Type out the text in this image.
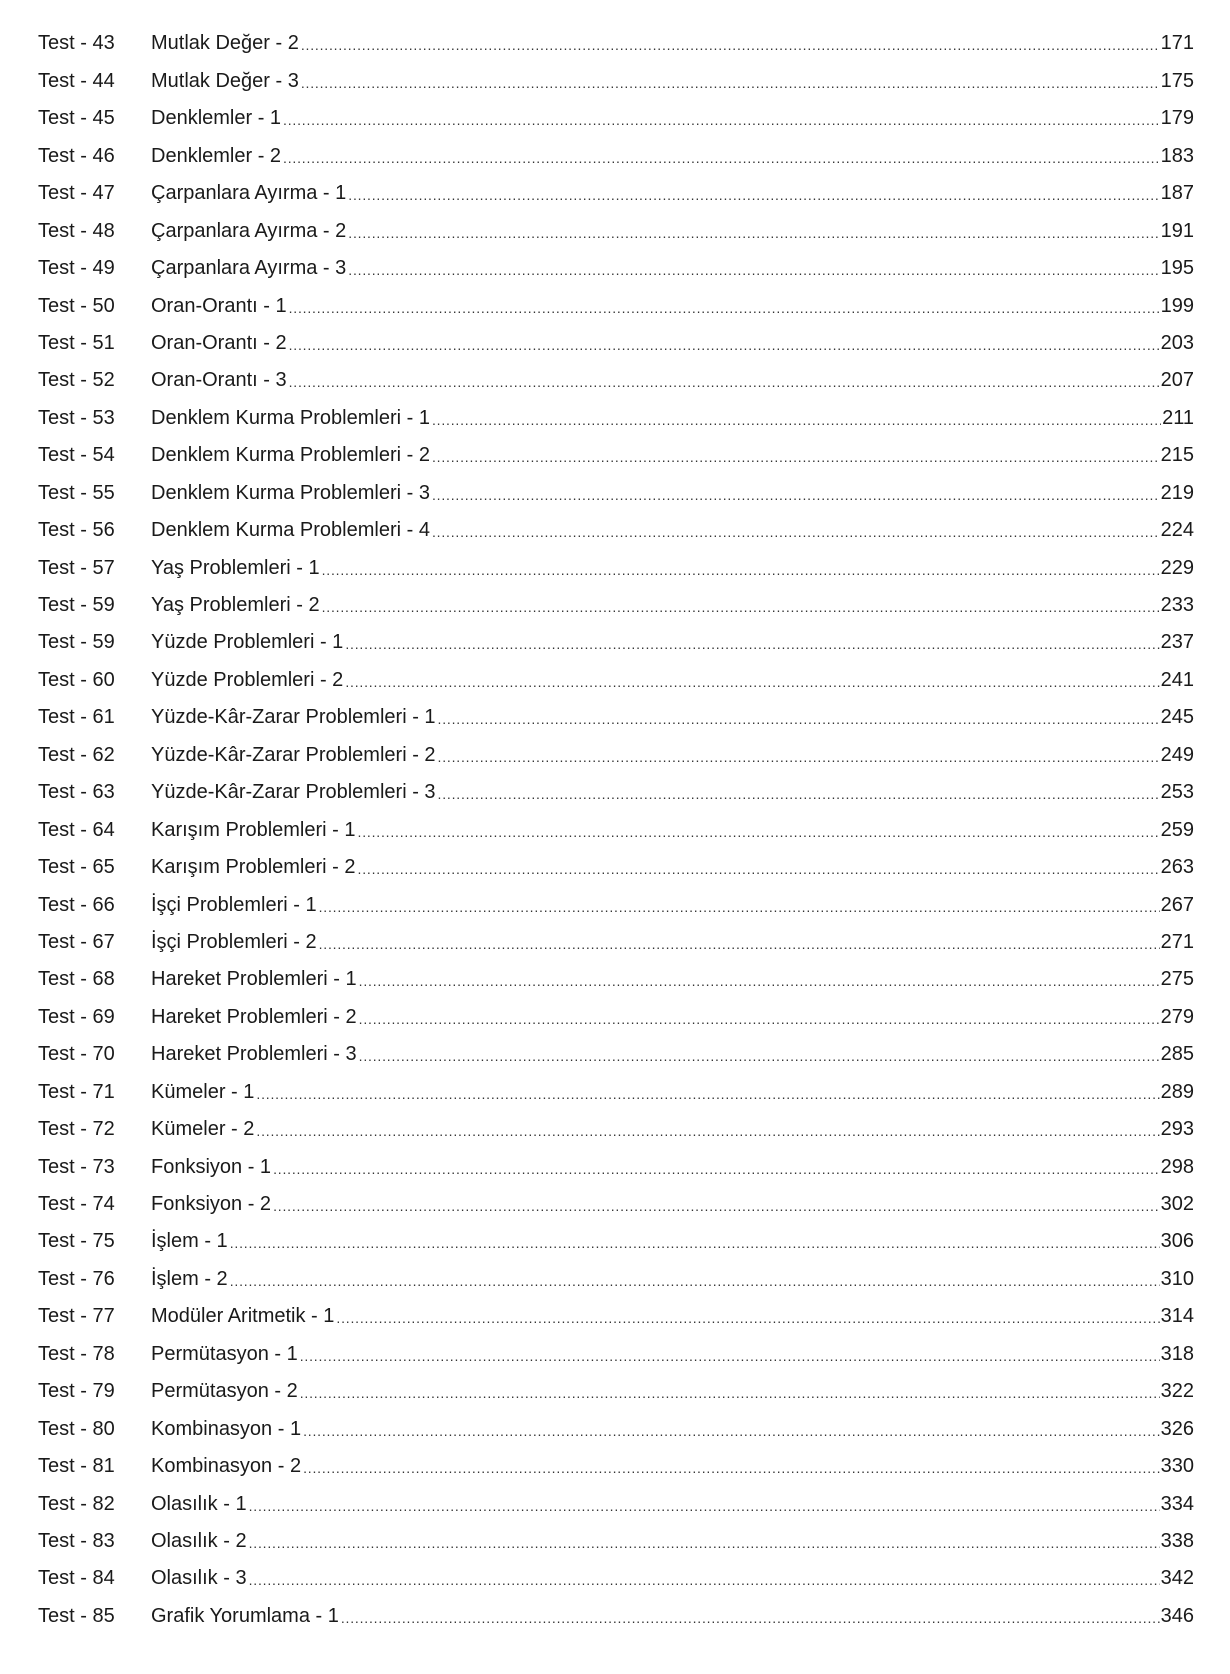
Test - 43	Mutlak Değer - 2 .....	171
Test - 44	Mutlak Değer - 3 .....	175
Test - 45	Denklemler - 1 .....	179
Test - 46	Denklemler - 2 .....	183
Test - 47	Çarpanlara Ayırma - 1 .....	187
Test - 48	Çarpanlara Ayırma - 2 .....	191
Test - 49	Çarpanlara Ayırma - 3 .....	195
Test - 50	Oran-Orantı - 1 .....	199
Test - 51	Oran-Orantı - 2 .....	203
Test - 52	Oran-Orantı - 3 .....	207
Test - 53	Denklem Kurma Problemleri - 1 .....	211
Test - 54	Denklem Kurma Problemleri - 2 .....	215
Test - 55	Denklem Kurma Problemleri - 3 .....	219
Test - 56	Denklem Kurma Problemleri - 4 .....	224
Test - 57	Yaş Problemleri - 1 .....	229
Test - 59	Yaş Problemleri - 2 .....	233
Test - 59	Yüzde Problemleri - 1 .....	237
Test - 60	Yüzde Problemleri - 2 .....	241
Test - 61	Yüzde-Kâr-Zarar Problemleri - 1 .....	245
Test - 62	Yüzde-Kâr-Zarar Problemleri - 2 .....	249
Test - 63	Yüzde-Kâr-Zarar Problemleri - 3 .....	253
Test - 64	Karışım Problemleri - 1 .....	259
Test - 65	Karışım Problemleri - 2 .....	263
Test - 66	İşçi Problemleri - 1 .....	267
Test - 67	İşçi Problemleri - 2 .....	271
Test - 68	Hareket Problemleri - 1 .....	275
Test - 69	Hareket Problemleri - 2 .....	279
Test - 70	Hareket Problemleri - 3 .....	285
Test - 71	Kümeler - 1 .....	289
Test - 72	Kümeler - 2 .....	293
Test - 73	Fonksiyon - 1 .....	298
Test - 74	Fonksiyon - 2 .....	302
Test - 75	İşlem - 1 .....	306
Test - 76	İşlem - 2 .....	310
Test - 77	Modüler Aritmetik - 1 .....	314
Test - 78	Permütasyon - 1 .....	318
Test - 79	Permütasyon - 2 .....	322
Test - 80	Kombinasyon - 1 .....	326
Test - 81	Kombinasyon - 2 .....	330
Test - 82	Olasılık - 1 .....	334
Test - 83	Olasılık - 2 .....	338
Test - 84	Olasılık - 3 .....	342
Test - 85	Grafik Yorumlama - 1 .....	346
